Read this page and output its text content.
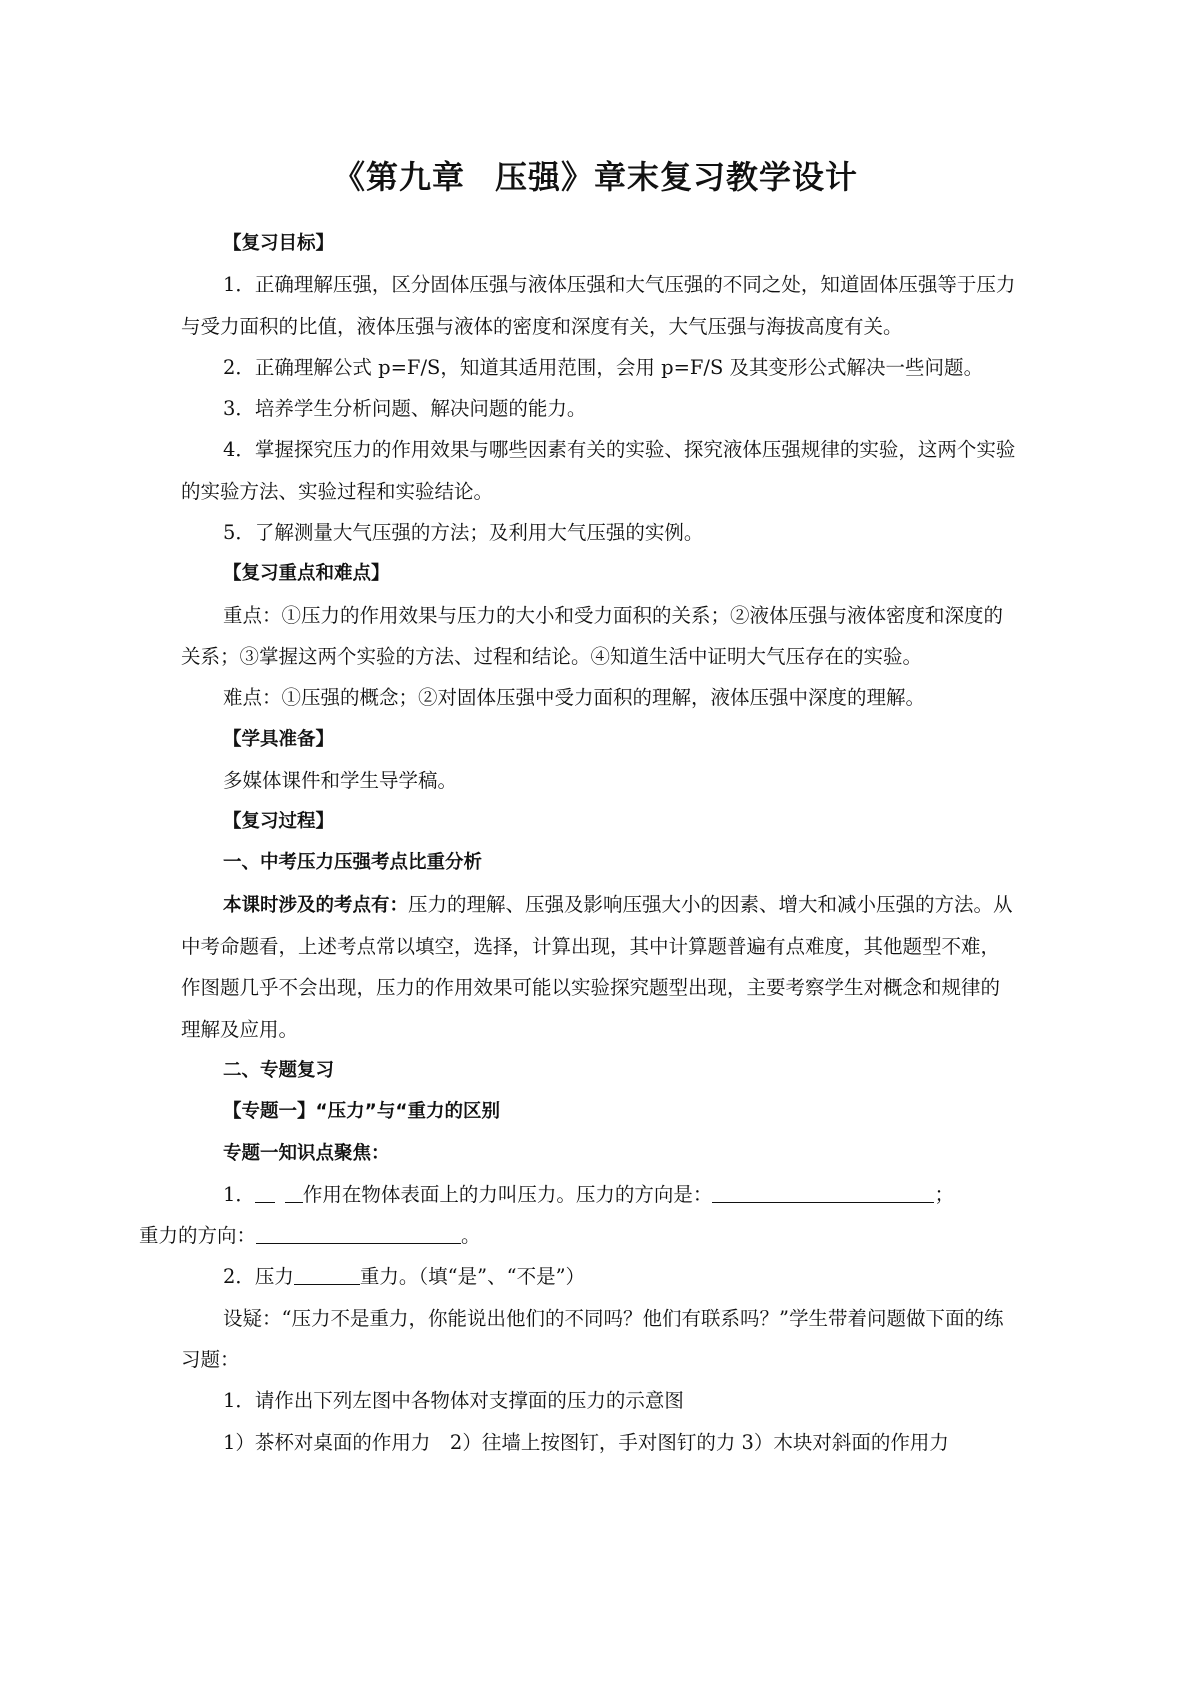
《第九章 压强》章末复习教学设计

【复习目标】

1．正确理解压强，区分固体压强与液体压强和大气压强的不同之处，知道固体压强等于压力与受力面积的比值，液体压强与液体的密度和深度有关，大气压强与海拔高度有关。

2．正确理解公式 p=F/S，知道其适用范围，会用 p=F/S 及其变形公式解决一些问题。

3．培养学生分析问题、解决问题的能力。

4．掌握探究压力的作用效果与哪些因素有关的实验、探究液体压强规律的实验，这两个实验的实验方法、实验过程和实验结论。

5．了解测量大气压强的方法；及利用大气压强的实例。

【复习重点和难点】

重点：①压力的作用效果与压力的大小和受力面积的关系；②液体压强与液体密度和深度的关系；③掌握这两个实验的方法、过程和结论。④知道生活中证明大气压存在的实验。

难点：①压强的概念；②对固体压强中受力面积的理解，液体压强中深度的理解。

【学具准备】

多媒体课件和学生导学稿。

【复习过程】

一、中考压力压强考点比重分析

本课时涉及的考点有：压力的理解、压强及影响压强大小的因素、增大和减小压强的方法。从中考命题看，上述考点常以填空，选择，计算出现，其中计算题普遍有点难度，其他题型不难，作图题几乎不会出现，压力的作用效果可能以实验探究题型出现，主要考察学生对概念和规律的理解及应用。

二、专题复习

【专题一】“压力”与“重力的区别

专题一知识点聚焦：

1． 作用在物体表面上的力叫压力。压力的方向是：	；
重力的方向：	。

2．压力	重力。（填“是”、“不是”）

设疑：“压力不是重力，你能说出他们的不同吗？他们有联系吗？”学生带着问题做下面的练习题：

1．请作出下列左图中各物体对支撑面的压力的示意图

1）茶杯对桌面的作用力　2）往墙上按图钉，手对图钉的力 3）木块对斜面的作用力
